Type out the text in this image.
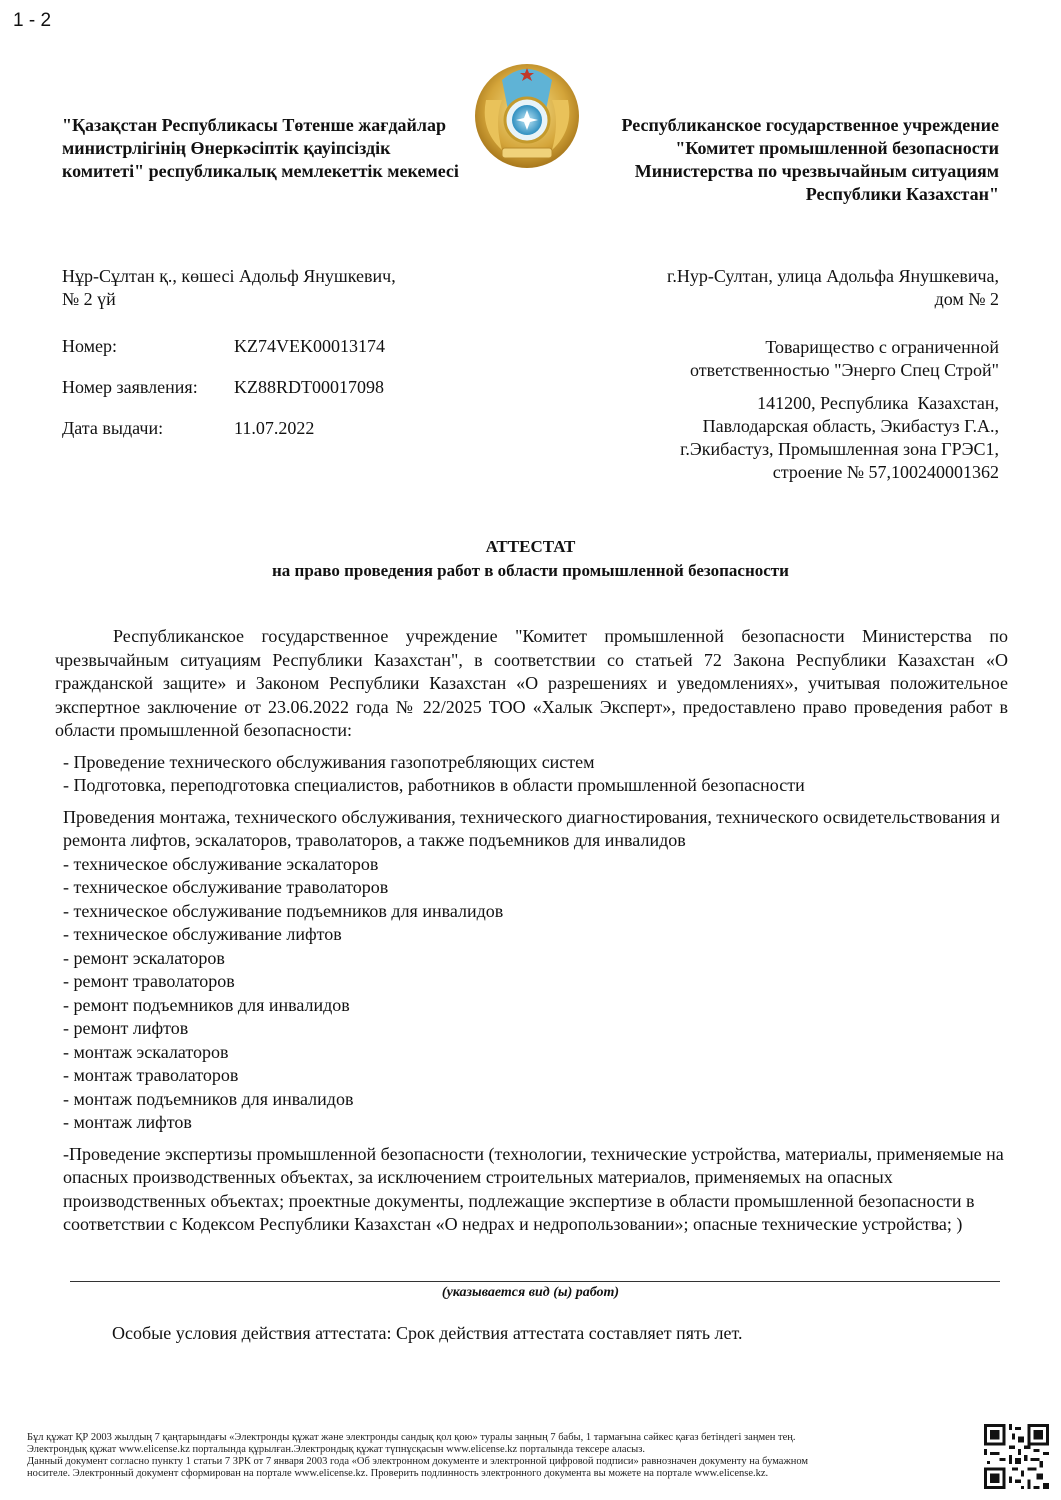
1 - 2
"Қазақстан Республикасы Төтенше жағдайлар министрлігінің Өнеркәсіптік қауіпсіздік комитеті" республикалық мемлекеттік мекемесі
Республиканское государственное учреждение "Комитет промышленной безопасности Министерства по чрезвычайным ситуациям Республики Казахстан"
Нұр-Сұлтан қ., көшесі Адольф Янушкевич,
№ 2 үй
г.Нур-Султан, улица Адольфа Янушкевича,
дом № 2
Номер:	KZ74VEK00013174
Номер заявления:	KZ88RDT00017098
Дата выдачи:	11.07.2022
Товарищество с ограниченной
ответственностью "Энерго Спец Строй"
141200, Республика  Казахстан,
Павлодарская область, Экибастуз Г.А.,
г.Экибастуз, Промышленная зона ГРЭС1,
строение № 57,100240001362
АТТЕСТАТ
на право проведения работ в области промышленной безопасности

Республиканское государственное учреждение "Комитет промышленной безопасности Министерства по чрезвычайным ситуациям Республики Казахстан", в соответствии со статьей 72 Закона Республики Казахстан «О гражданской защите» и Законом Республики Казахстан «О разрешениях и уведомлениях», учитывая положительное экспертное заключение от 23.06.2022 года № 22/2025 ТОО «Халык Эксперт», предоставлено право проведения работ в области промышленной безопасности:

- Проведение технического обслуживания газопотребляющих систем
- Подготовка, переподготовка специалистов, работников в области промышленной безопасности
Проведения монтажа, технического обслуживания, технического диагностирования, технического освидетельствования и ремонта лифтов, эскалаторов, траволаторов, а также подъемников для инвалидов
- техническое обслуживание эскалаторов
- техническое обслуживание траволаторов
- техническое обслуживание подъемников для инвалидов
- техническое обслуживание лифтов
- ремонт эскалаторов
- ремонт траволаторов
- ремонт подъемников для инвалидов
- ремонт лифтов
- монтаж эскалаторов
- монтаж траволаторов
- монтаж подъемников для инвалидов
- монтаж лифтов
-Проведение экспертизы промышленной безопасности (технологии, технические устройства, материалы, применяемые на опасных производственных объектах, за исключением строительных материалов, применяемых на опасных производственных объектах; проектные документы, подлежащие экспертизе в области промышленной безопасности в соответствии с Кодексом Республики Казахстан «О недрах и недропользовании»; опасные технические устройства; )
(указывается вид (ы) работ)
Особые условия действия аттестата: Срок действия аттестата составляет пять лет.
Бұл құжат ҚР 2003 жылдың 7 қаңтарындағы «Электронды құжат және электронды сандық қол қою» туралы заңның 7 бабы, 1 тармағына сәйкес қағаз бетіндегі заңмен тең.
Электрондық құжат www.elicense.kz порталында құрылған.Электрондық құжат түпнұсқасын www.elicense.kz порталында тексере аласыз.
Данный документ согласно пункту 1 статьи 7 ЗРК от 7 января 2003 года «Об электронном документе и электронной цифровой подписи» равнозначен документу на бумажном
носителе. Электронный документ сформирован на портале www.elicense.kz. Проверить подлинность электронного документа вы можете на портале www.elicense.kz.
